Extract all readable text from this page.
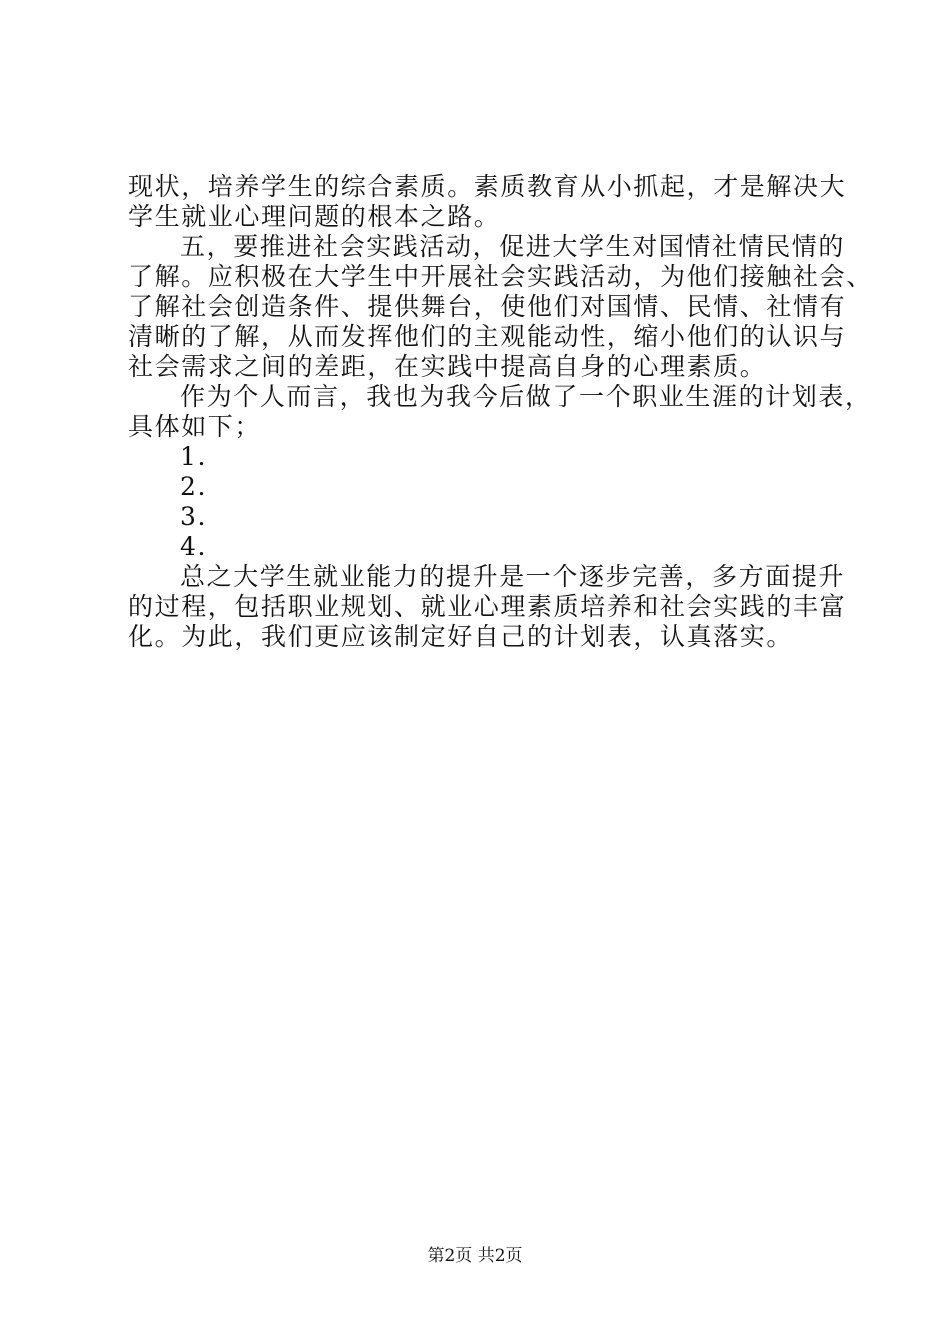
现状，培养学生的综合素质。素质教育从小抓起，才是解决大
学生就业心理问题的根本之路。
五，要推进社会实践活动，促进大学生对国情社情民情的
了解。应积极在大学生中开展社会实践活动，为他们接触社会、
了解社会创造条件、提供舞台，使他们对国情、民情、社情有
清晰的了解，从而发挥他们的主观能动性，缩小他们的认识与
社会需求之间的差距，在实践中提高自身的心理素质。
作为个人而言，我也为我今后做了一个职业生涯的计划表，
具体如下；
1.
2.
3.
4.
总之大学生就业能力的提升是一个逐步完善，多方面提升
的过程，包括职业规划、就业心理素质培养和社会实践的丰富
化。为此，我们更应该制定好自己的计划表，认真落实。
第2页 共2页
